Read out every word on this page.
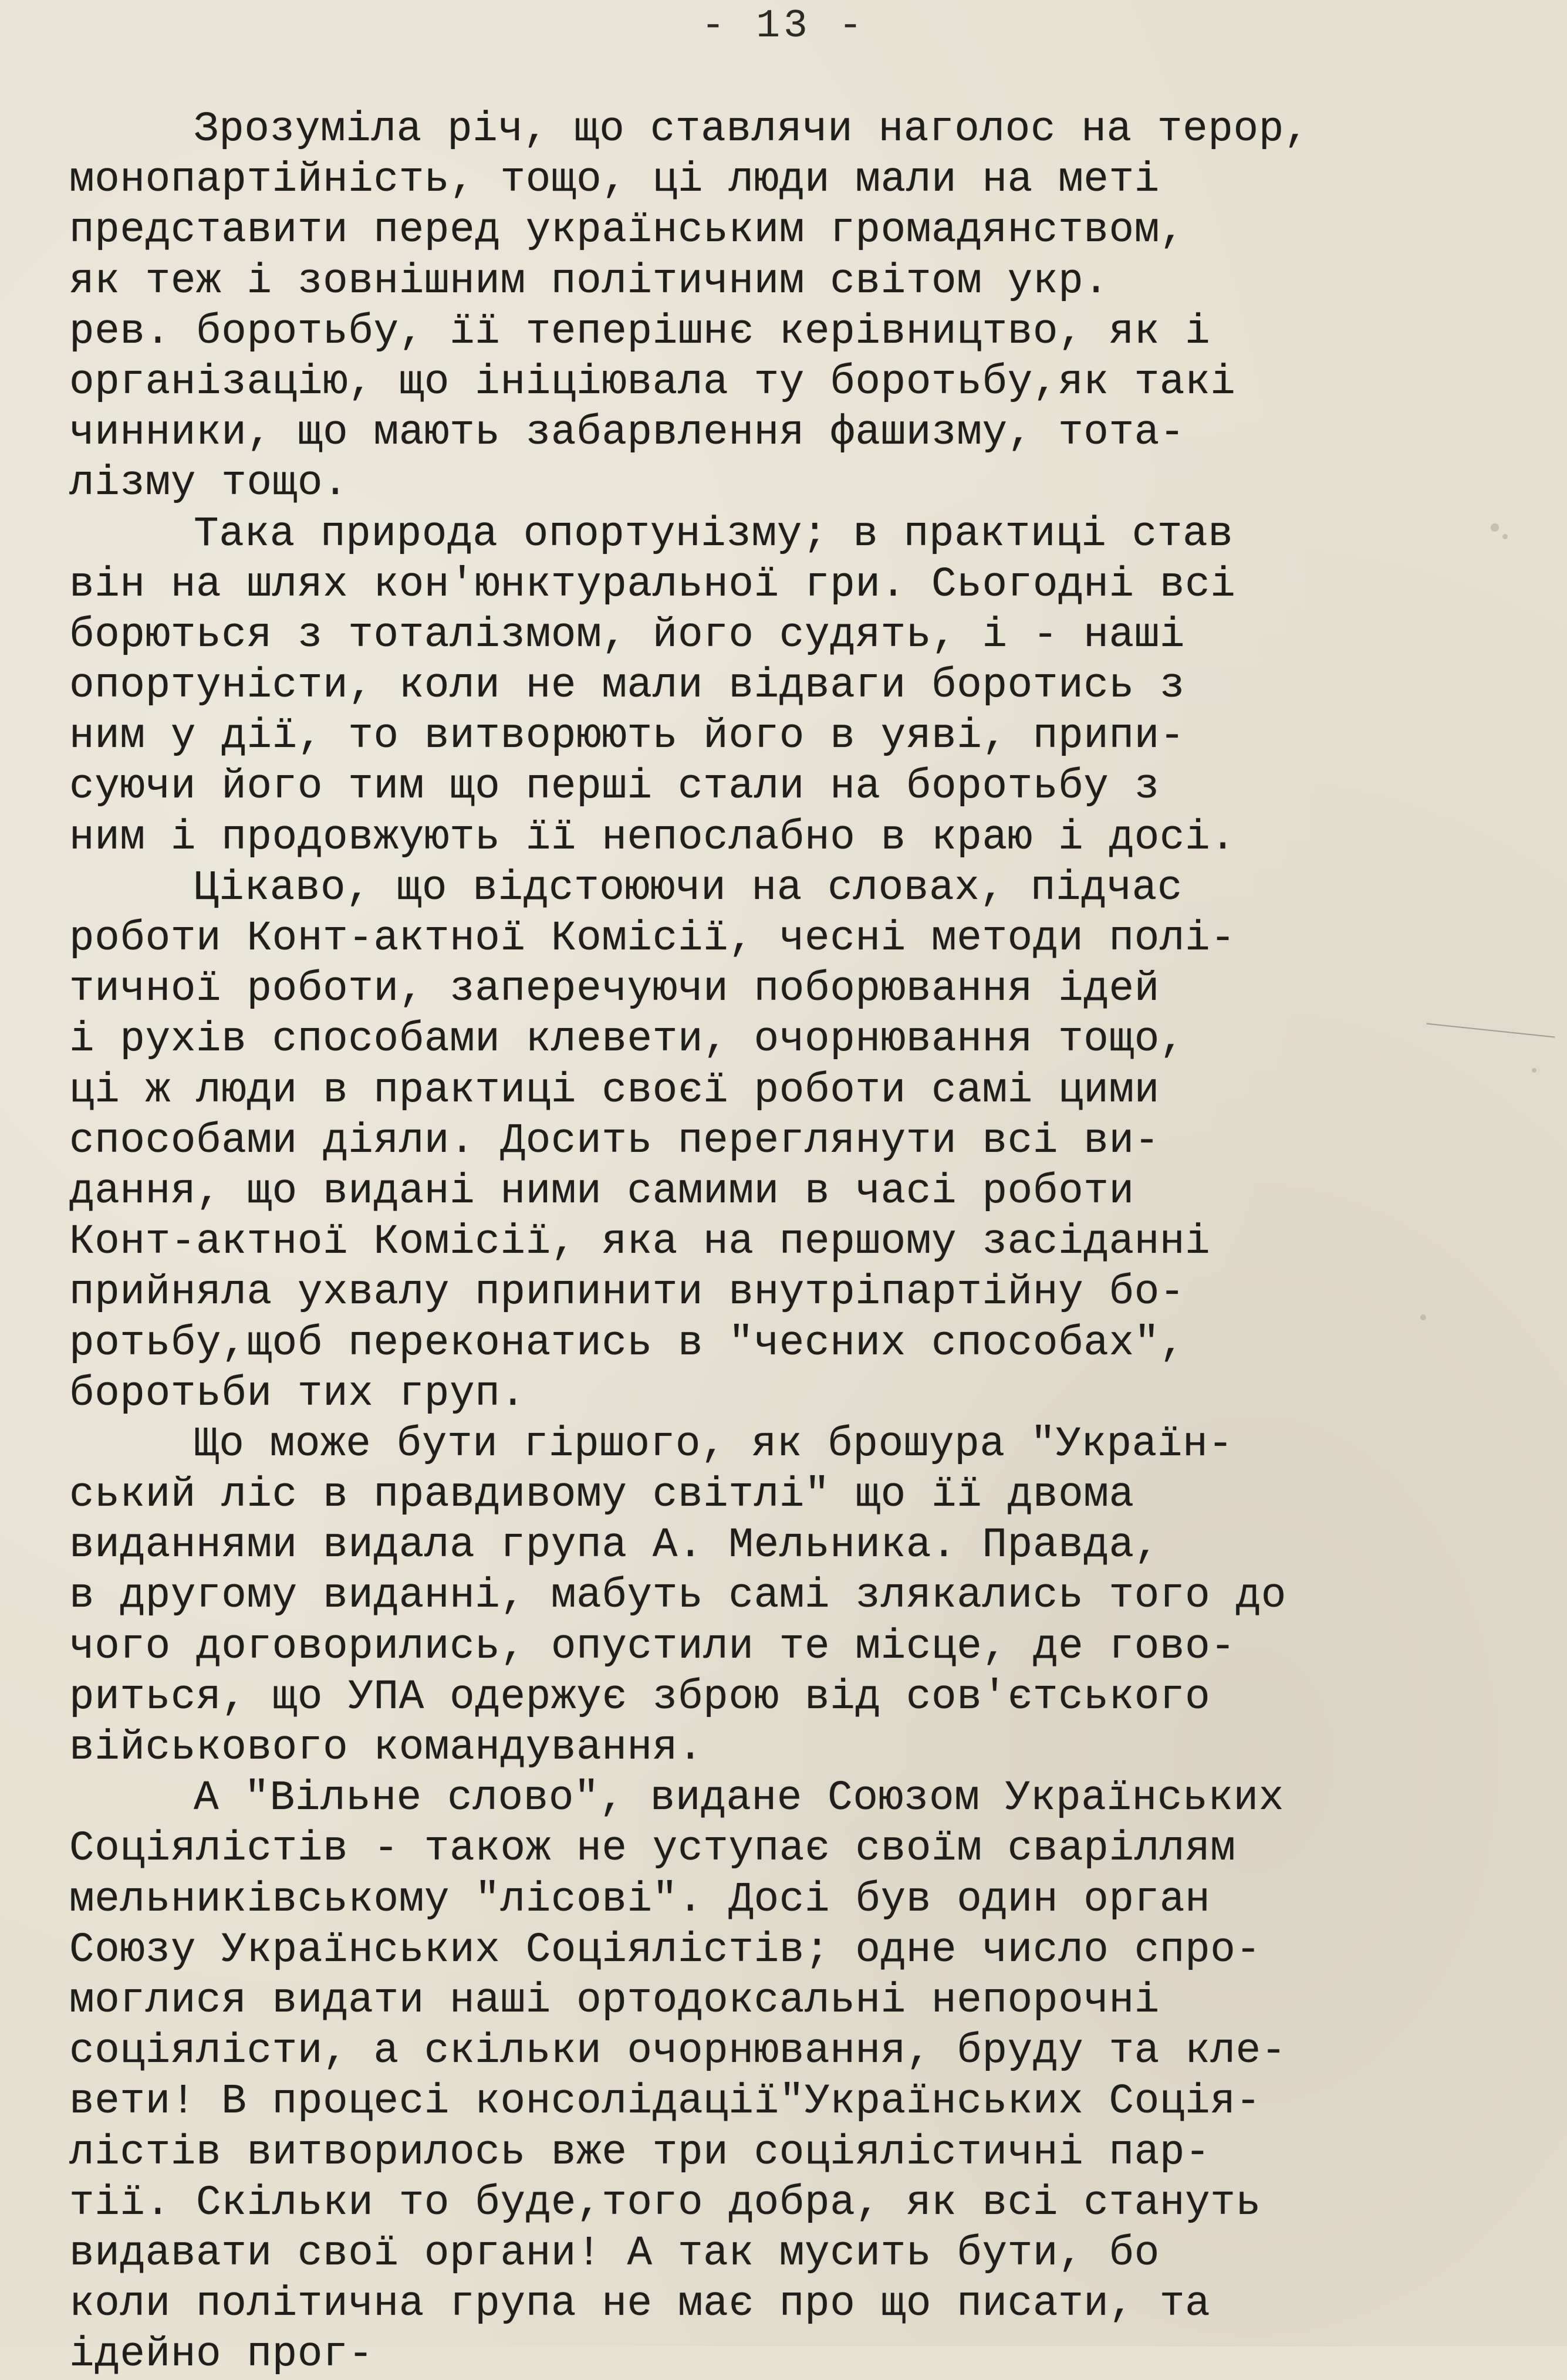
- 13 -
Зрозуміла річ, що ставлячи наголос на терор,
монопартійність, тощо, ці люди мали на меті
представити перед українським громадянством,
як теж і зовнішним політичним світом укр.
рев. боротьбу, її теперішнє керівництво, як і
організацію, що ініціювала ту боротьбу,як такі
чинники, що мають забарвлення фашизму, тота-
лізму тощо.
Така природа опортунізму; в практиці став
він на шлях кон'юнктуральної гри. Сьогодні всі
борються з тоталізмом, його судять, і - наші
опортуністи, коли не мали відваги боротись з
ним у дії, то витворюють його в уяві, припи-
суючи його тим що перші стали на боротьбу з
ним і продовжують її непослабно в краю і досі.
Цікаво, що відстоюючи на словах, підчас
роботи Конт-актної Комісії, чесні методи полі-
тичної роботи, заперечуючи поборювання ідей
і рухів способами клевети, очорнювання тощо,
ці ж люди в практиці своєї роботи самі цими
способами діяли. Досить переглянути всі ви-
дання, що видані ними самими в часі роботи
Конт-актної Комісії, яка на першому засіданні
прийняла ухвалу припинити внутріпартійну бо-
ротьбу,щоб переконатись в "чесних способах",
боротьби тих груп.
Що може бути гіршого, як брошура "Україн-
ський ліс в правдивому світлі" що її двома
виданнями видала група А. Мельника. Правда,
в другому виданні, мабуть самі злякались того до
чого договорились, опустили те місце, де гово-
риться, що УПА одержує зброю від сов'єтського
військового командування.
А "Вільне слово", видане Союзом Українських
Соціялістів - також не уступає своїм сваріллям
мельниківському "лісові". Досі був один орган
Союзу Українських Соціялістів; одне число спро-
моглися видати наші ортодоксальні непорочні
соціялісти, а скільки очорнювання, бруду та кле-
вети! В процесі консолідації"Українських Соція-
лістів витворилось вже три соціялістичні пар-
тії. Скільки то буде,того добра, як всі стануть
видавати свої органи! А так мусить бути, бо
коли політична група не має про що писати, та
ідейно прог-
